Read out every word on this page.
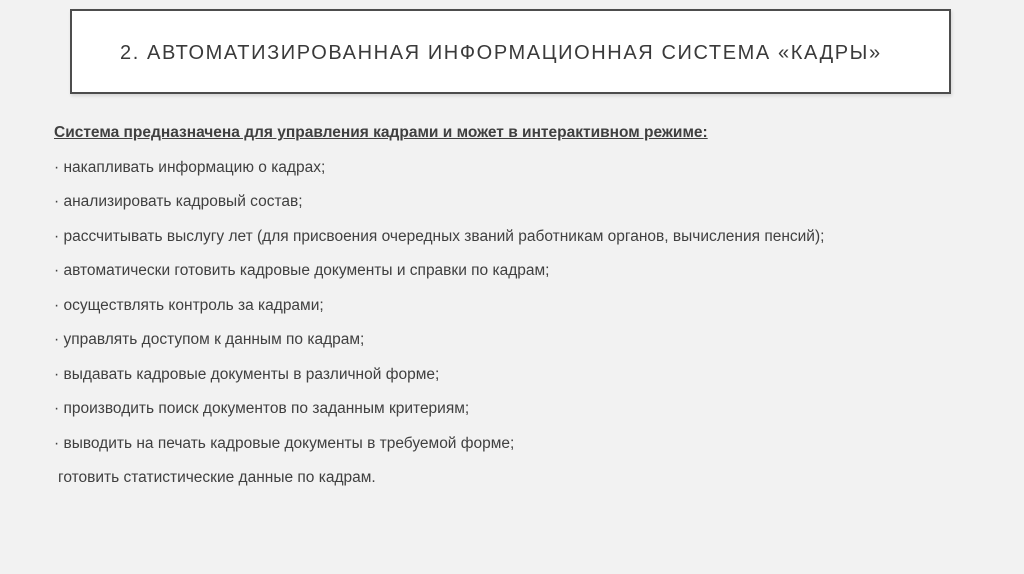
2. АВТОМАТИЗИРОВАННАЯ ИНФОРМАЦИОННАЯ СИСТЕМА «КАДРЫ»

Система предназначена для управления кадрами и может в интерактивном режиме:

· накапливать информацию о кадрах;
· анализировать кадровый состав;
· рассчитывать выслугу лет (для присвоения очередных званий работникам органов, вычисления пенсий);
· автоматически готовить кадровые документы и справки по кадрам;
· осуществлять контроль за кадрами;
· управлять доступом к данным по кадрам;
· выдавать кадровые документы в различной форме;
· производить поиск документов по заданным критериям;
· выводить на печать кадровые документы в требуемой форме;
готовить статистические данные по кадрам.
